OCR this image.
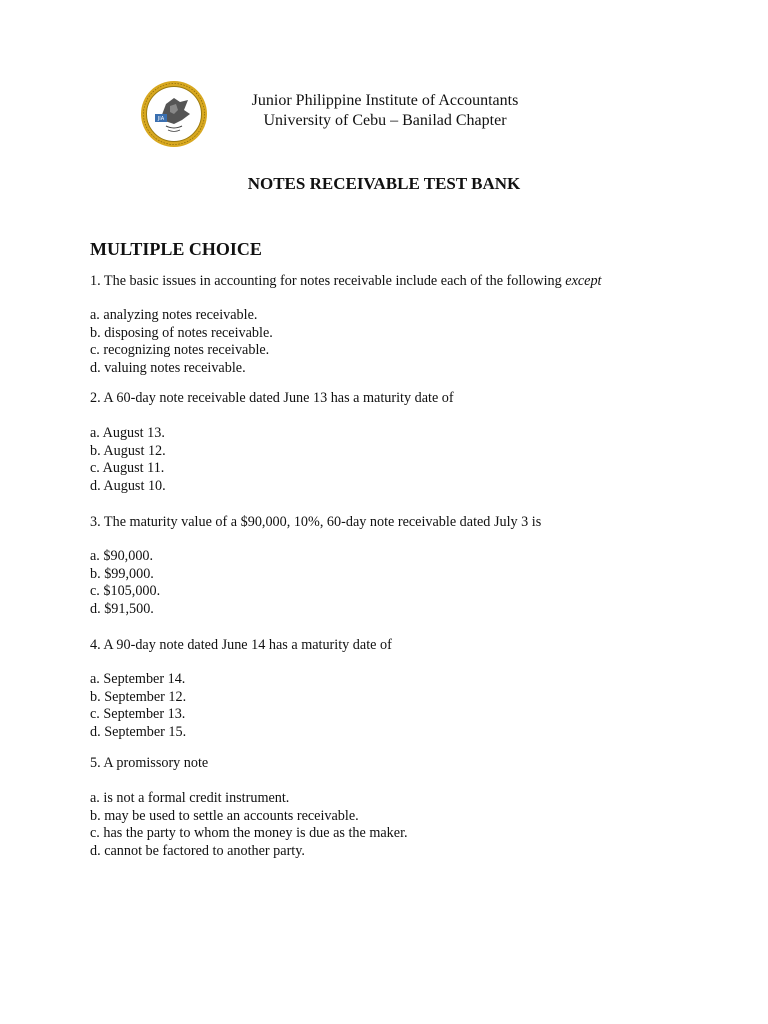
JIA
Junior Philippine Institute of Accountants
University of Cebu – Banilad Chapter
NOTES RECEIVABLE TEST BANK
MULTIPLE CHOICE
1. The basic issues in accounting for notes receivable include each of the following except
a. analyzing notes receivable.
b. disposing of notes receivable.
c. recognizing notes receivable.
d. valuing notes receivable.
2. A 60-day note receivable dated June 13 has a maturity date of
a. August 13.
b. August 12.
c. August 11.
d. August 10.
3. The maturity value of a $90,000, 10%, 60-day note receivable dated July 3 is
a. $90,000.
b. $99,000.
c. $105,000.
d. $91,500.
4. A 90-day note dated June 14 has a maturity date of
a. September 14.
b. September 12.
c. September 13.
d. September 15.
5. A promissory note
a. is not a formal credit instrument.
b. may be used to settle an accounts receivable.
c. has the party to whom the money is due as the maker.
d. cannot be factored to another party.
